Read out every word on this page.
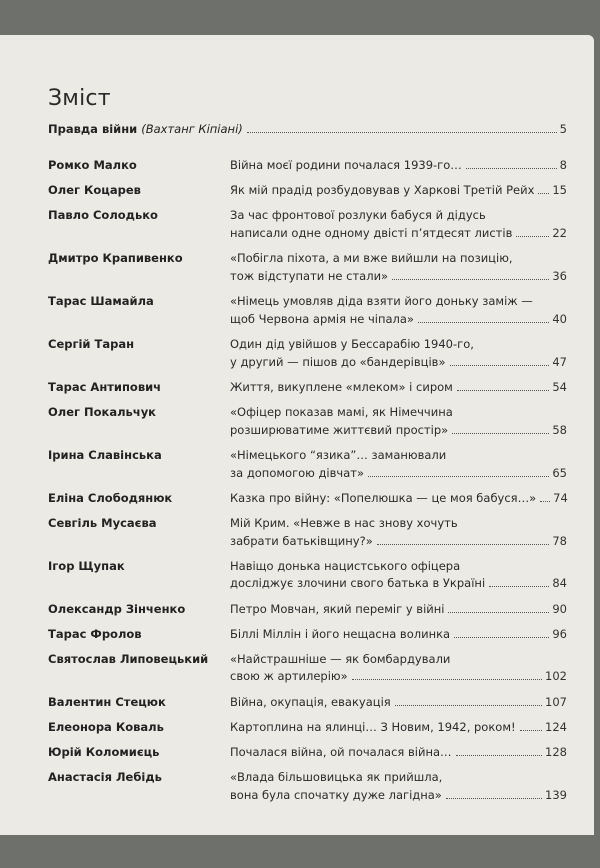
Зміст
Правда війни (Вахтанг Кіпіані)	5
Ромко Малко	Війна моєї родини почалася 1939-го…	8
Олег Коцарев	Як мій прадід розбудовував у Харкові Третій Рейх 15
Павло Солодько	За час фронтової розлуки бабуся й дідусь
написали одне одному двісті п’ятдесят листів	22
Дмитро Крапивенко	«Побігла піхота, а ми вже вийшли на позицію,
тож відступати не стали»	36
Тарас Шамайла	«Німець умовляв діда взяти його доньку заміж —
щоб Червона армія не чіпала»	40
Сергій Таран	Один дід увійшов у Бессарабію 1940-го,
у другий — пішов до «бандерівців»	47
Тарас Антипович	Життя, викуплене «млеком» і сиром	54
Олег Покальчук	«Офіцер показав мамі, як Німеччина
розширюватиме життєвий простір»	58
Ірина Славінська	«Німецького “язика”… заманювали
за допомогою дівчат»	65
Еліна Слободянюк	Казка про війну: «Попелюшка — це моя бабуся…» 74
Севгіль Мусаєва	Мій Крим. «Невже в нас знову хочуть
забрати батьківщину?»	78
Ігор Щупак	Навіщо донька нацистського офіцера
досліджує злочини свого батька в Україні	84
Олександр Зінченко	Петро Мовчан, який переміг у війні	90
Тарас Фролов	Біллі Міллін і його нещасна волинка	96
Святослав Липовецький	«Найстрашніше — як бомбардували
свою ж артилерію»	102
Валентин Стецюк	Війна, окупація, евакуація	107
Елеонора Коваль	Картоплина на ялинці… З Новим, 1942, роком!	124
Юрій Коломиєць	Почалася війна, ой почалася війна…	128
Анастасія Лебідь	«Влада більшовицька як прийшла,
вона була спочатку дуже лагідна»	139
